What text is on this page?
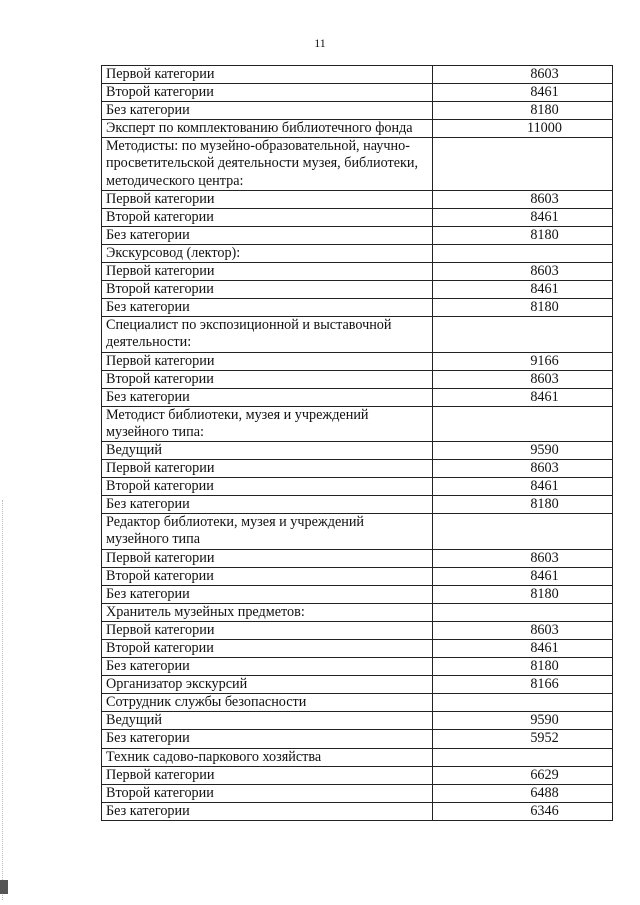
11
Первой категории	8603
Второй категории	8461
Без категории	8180
Эксперт по комплектованию библиотечного фонда	11000
Методисты: по музейно-образовательной, научно-просветительской деятельности музея, библиотеки, методического центра:	
Первой категории	8603
Второй категории	8461
Без категории	8180
Экскурсовод (лектор):	
Первой категории	8603
Второй категории	8461
Без категории	8180
Специалист по экспозиционной и выставочной деятельности:	
Первой категории	9166
Второй категории	8603
Без категории	8461
Методист библиотеки, музея и учреждений музейного типа:	
Ведущий	9590
Первой категории	8603
Второй категории	8461
Без категории	8180
Редактор библиотеки, музея и учреждений музейного типа	
Первой категории	8603
Второй категории	8461
Без категории	8180
Хранитель музейных предметов:	
Первой категории	8603
Второй категории	8461
Без категории	8180
Организатор экскурсий	8166
Сотрудник службы безопасности	
Ведущий	9590
Без категории	5952
Техник садово-паркового хозяйства	
Первой категории	6629
Второй категории	6488
Без категории	6346
